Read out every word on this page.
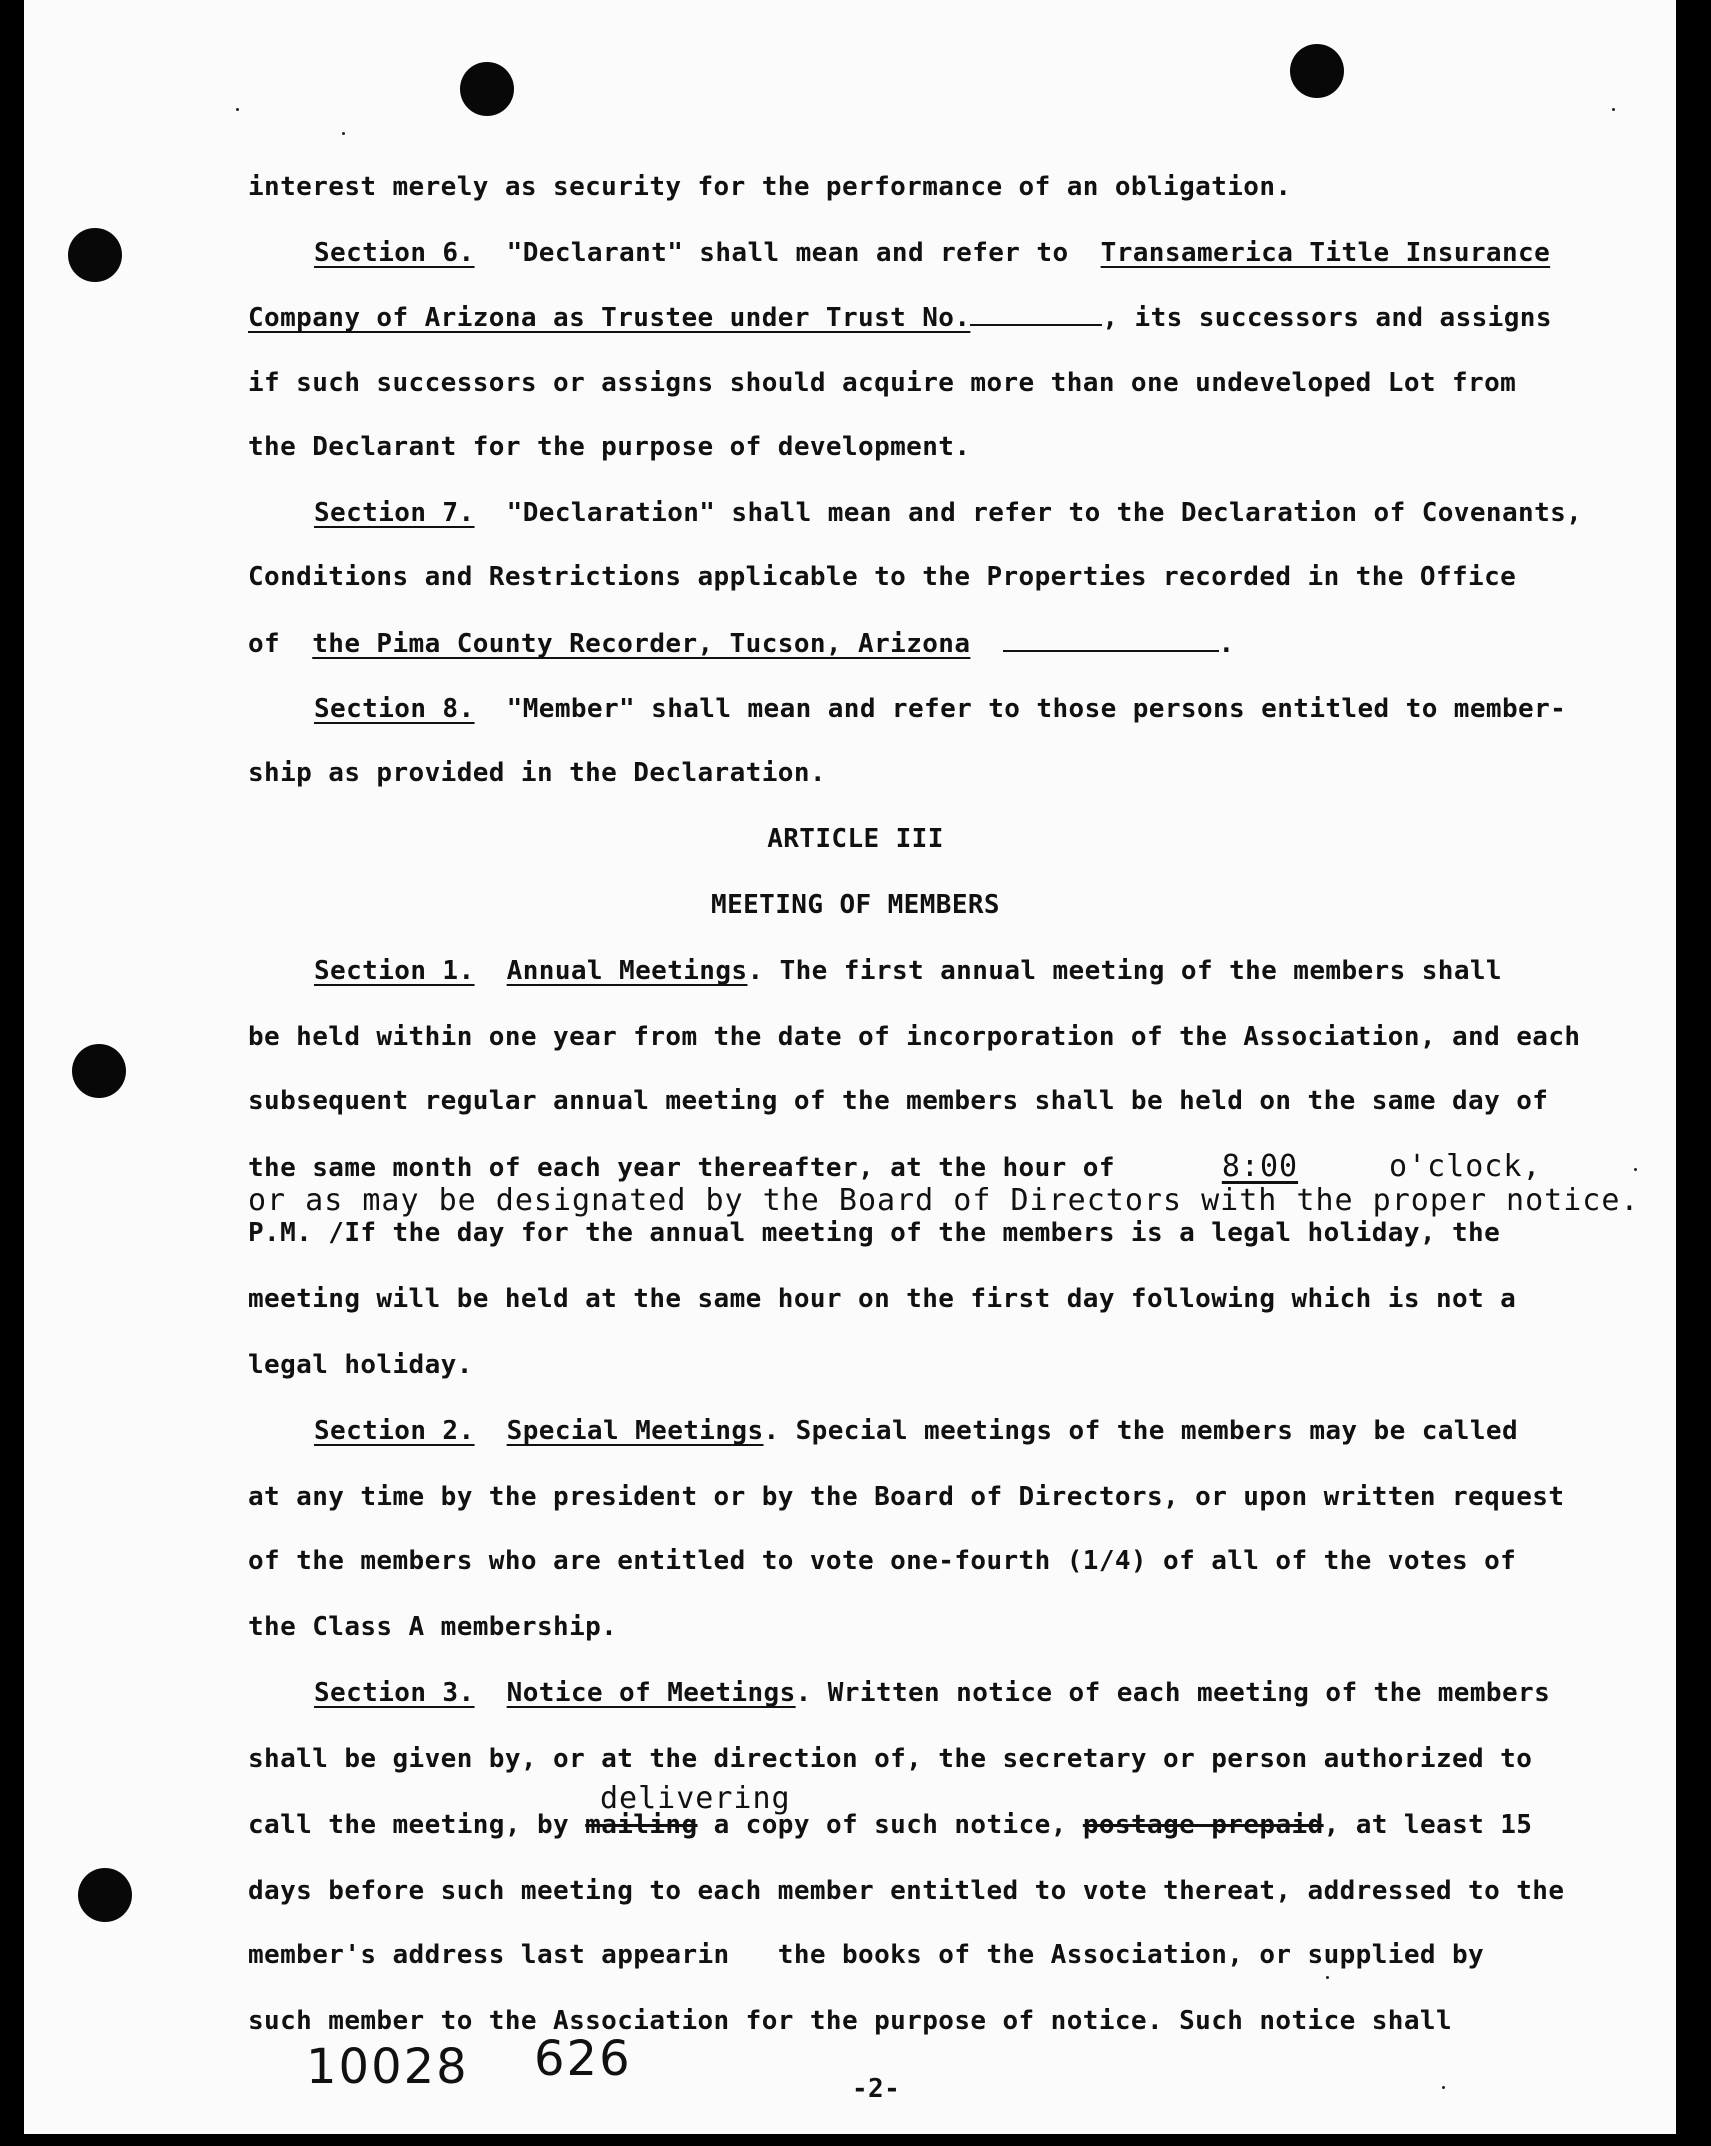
interest merely as security for the performance of an obligation.
Section 6. "Declarant" shall mean and refer to Transamerica Title Insurance
Company of Arizona as Trustee under Trust No.	, its successors and assigns
if such successors or assigns should acquire more than one undeveloped Lot from
the Declarant for the purpose of development.
Section 7. "Declaration" shall mean and refer to the Declaration of Covenants,
Conditions and Restrictions applicable to the Properties recorded in the Office
of the Pima County Recorder, Tucson, Arizona	.
Section 8. "Member" shall mean and refer to those persons entitled to member-
ship as provided in the Declaration.
ARTICLE III
MEETING OF MEMBERS
Section 1. Annual Meetings. The first annual meeting of the members shall
be held within one year from the date of incorporation of the Association, and each
subsequent regular annual meeting of the members shall be held on the same day of
the same month of each year thereafter, at the hour of	8:00	o'clock,
or as may be designated by the Board of Directors with the proper notice.
P.M. /If the day for the annual meeting of the members is a legal holiday, the
meeting will be held at the same hour on the first day following which is not a
legal holiday.
Section 2. Special Meetings. Special meetings of the members may be called
at any time by the president or by the Board of Directors, or upon written request
of the members who are entitled to vote one-fourth (1/4) of all of the votes of
the Class A membership.
Section 3. Notice of Meetings. Written notice of each meeting of the members
shall be given by, or at the direction of, the secretary or person authorized to
delivering
call the meeting, by mailing a copy of such notice, postage prepaid, at least 15
days before such meeting to each member entitled to vote thereat, addressed to the
member's address last appearin   the books of the Association, or supplied by
such member to the Association for the purpose of notice. Such notice shall
10028 626
-2-
